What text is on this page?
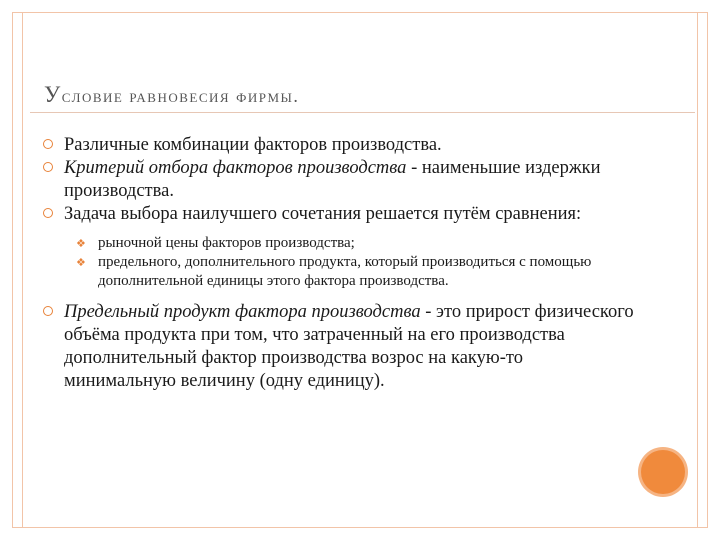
Условие равновесия фирмы.
Различные комбинации факторов производства.
Критерий отбора факторов производства - наименьшие издержки производства.
Задача выбора наилучшего сочетания решается путём сравнения:
❖
рыночной цены факторов производства;
❖
предельного, дополнительного продукта, который производиться с помощью дополнительной единицы этого фактора производства.
Предельный продукт фактора производства - это прирост физического объёма продукта при том, что затраченный на его производства дополнительный фактор производства возрос на какую-то минимальную величину (одну единицу).
